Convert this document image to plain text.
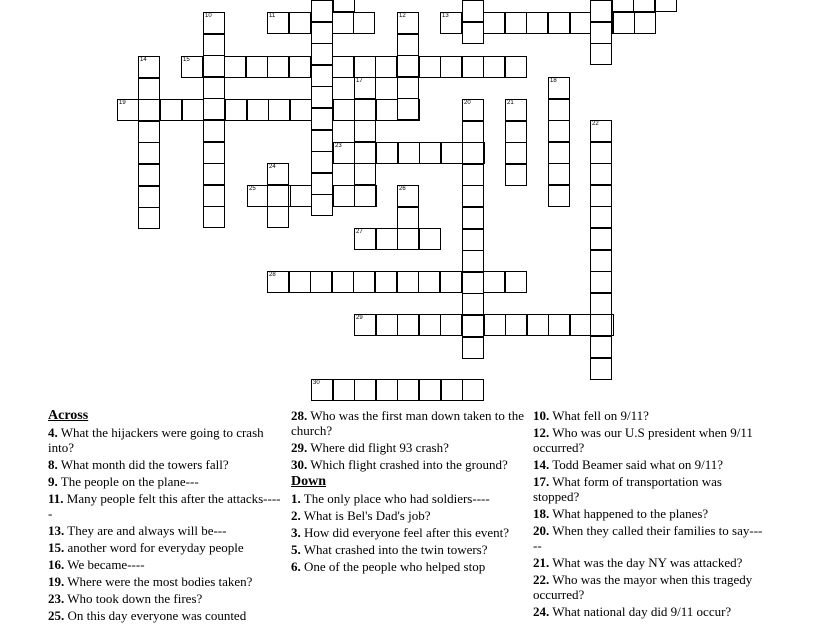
11	13
15
19
23
25
27
28
29
30
10	12
14
17	18
20	21
22
24
26
Across
4. What the hijackers were going to crash into?
8. What month did the towers fall?
9. The people on the plane---
11. Many people felt this after the attacks-----
13. They are and always will be---
15. another word for everyday people
16. We became----
19. Where were the most bodies taken?
23. Who took down the fires?
25. On this day everyone was counted
28. Who was the first man down taken to the church?
29. Where did flight 93 crash?
30. Which flight crashed into the ground?
Down
1. The only place who had soldiers----
2. What is Bel's Dad's job?
3. How did everyone feel after this event?
5. What crashed into the twin towers?
6. One of the people who helped stop
10. What fell on 9/11?
12. Who was our U.S president when 9/11 occurred?
14. Todd Beamer said what on 9/11?
17. What form of transportation was stopped?
18. What happened to the planes?
20. When they called their families to say-----
21. What was the day NY was attacked?
22. Who was the mayor when this tragedy occurred?
24. What national day did 9/11 occur?
